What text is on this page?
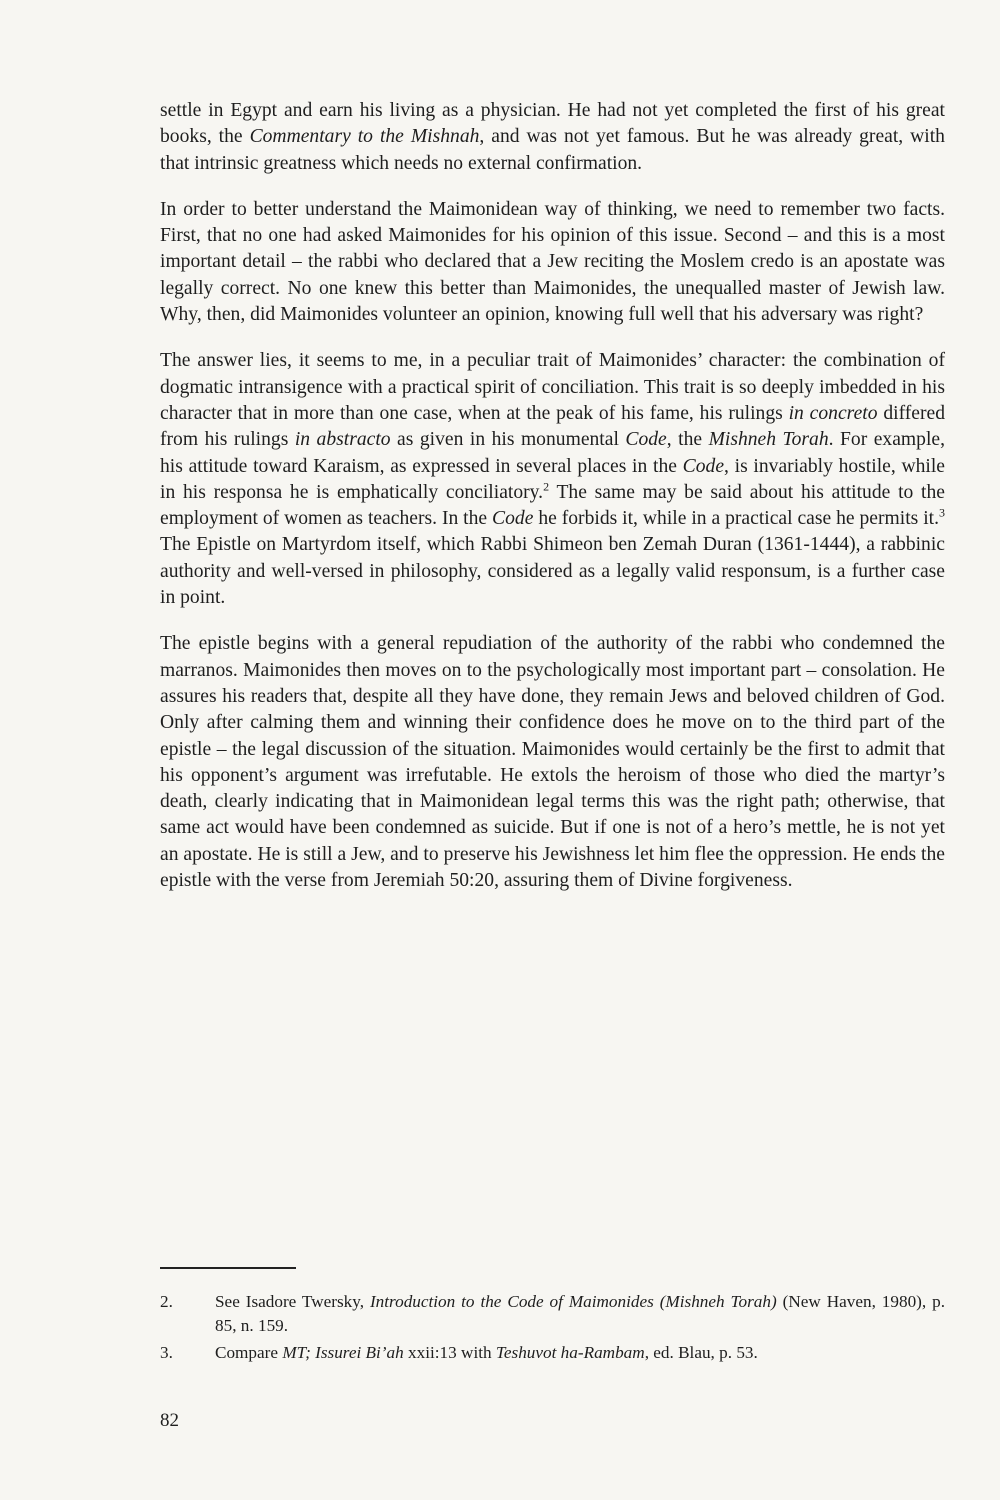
settle in Egypt and earn his living as a physician. He had not yet completed the first of his great books, the Commentary to the Mishnah, and was not yet famous. But he was already great, with that intrinsic greatness which needs no external confirmation.

In order to better understand the Maimonidean way of thinking, we need to remember two facts. First, that no one had asked Maimonides for his opinion of this issue. Second – and this is a most important detail – the rabbi who declared that a Jew reciting the Moslem credo is an apostate was legally correct. No one knew this better than Maimonides, the unequalled master of Jewish law. Why, then, did Maimonides volunteer an opinion, knowing full well that his adversary was right?

The answer lies, it seems to me, in a peculiar trait of Maimonides’ character: the combination of dogmatic intransigence with a practical spirit of conciliation. This trait is so deeply imbedded in his character that in more than one case, when at the peak of his fame, his rulings in concreto differed from his rulings in abstracto as given in his monumental Code, the Mishneh Torah. For example, his attitude toward Karaism, as expressed in several places in the Code, is invariably hostile, while in his responsa he is emphatically conciliatory.$^2$ The same may be said about his attitude to the employment of women as teachers. In the Code he forbids it, while in a practical case he permits it.$^3$ The Epistle on Martyrdom itself, which Rabbi Shimeon ben Zemah Duran (1361-1444), a rabbinic authority and well-versed in philosophy, considered as a legally valid responsum, is a further case in point.

The epistle begins with a general repudiation of the authority of the rabbi who condemned the marranos. Maimonides then moves on to the psychologically most important part – consolation. He assures his readers that, despite all they have done, they remain Jews and beloved children of God. Only after calming them and winning their confidence does he move on to the third part of the epistle – the legal discussion of the situation. Maimonides would certainly be the first to admit that his opponent’s argument was irrefutable. He extols the heroism of those who died the martyr’s death, clearly indicating that in Maimonidean legal terms this was the right path; otherwise, that same act would have been condemned as suicide. But if one is not of a hero’s mettle, he is not yet an apostate. He is still a Jew, and to preserve his Jewishness let him flee the oppression. He ends the epistle with the verse from Jeremiah 50:20, assuring them of Divine forgiveness.

2.	See Isadore Twersky, Introduction to the Code of Maimonides (Mishneh Torah) (New Haven, 1980), p. 85, n. 159.
3.	Compare MT; Issurei Bi’ah xxii:13 with Teshuvot ha-Rambam, ed. Blau, p. 53.
82
